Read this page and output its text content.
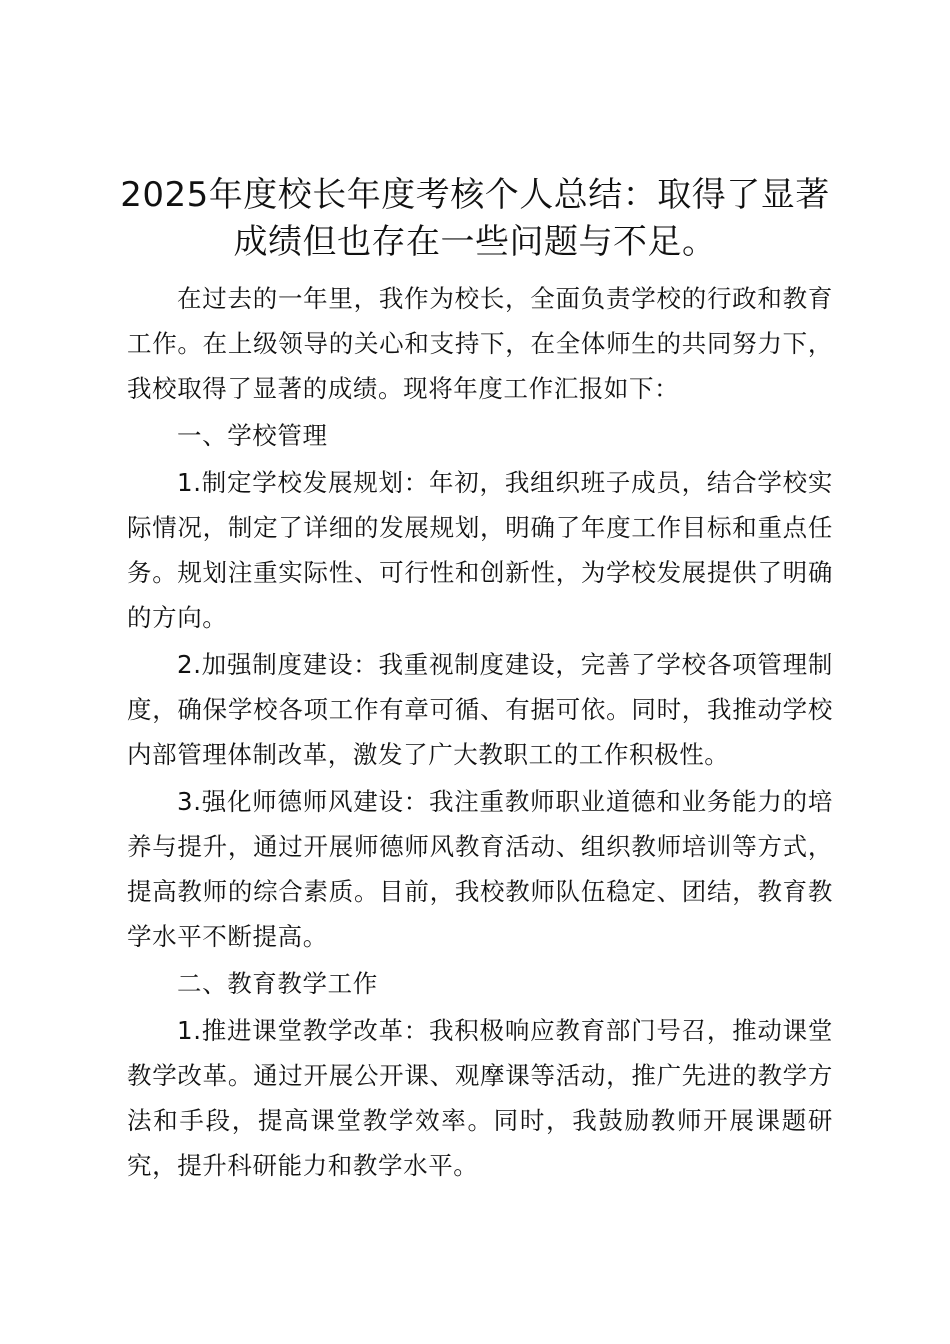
2025年度校长年度考核个人总结：取得了显著成绩但也存在一些问题与不足。

在过去的一年里，我作为校长，全面负责学校的行政和教育工作。在上级领导的关心和支持下，在全体师生的共同努力下，我校取得了显著的成绩。现将年度工作汇报如下：

一、学校管理

1.制定学校发展规划：年初，我组织班子成员，结合学校实际情况，制定了详细的发展规划，明确了年度工作目标和重点任务。规划注重实际性、可行性和创新性，为学校发展提供了明确的方向。

2.加强制度建设：我重视制度建设，完善了学校各项管理制度，确保学校各项工作有章可循、有据可依。同时，我推动学校内部管理体制改革，激发了广大教职工的工作积极性。

3.强化师德师风建设：我注重教师职业道德和业务能力的培养与提升，通过开展师德师风教育活动、组织教师培训等方式，提高教师的综合素质。目前，我校教师队伍稳定、团结，教育教学水平不断提高。

二、教育教学工作

1.推进课堂教学改革：我积极响应教育部门号召，推动课堂教学改革。通过开展公开课、观摩课等活动，推广先进的教学方法和手段，提高课堂教学效率。同时，我鼓励教师开展课题研究，提升科研能力和教学水平。
